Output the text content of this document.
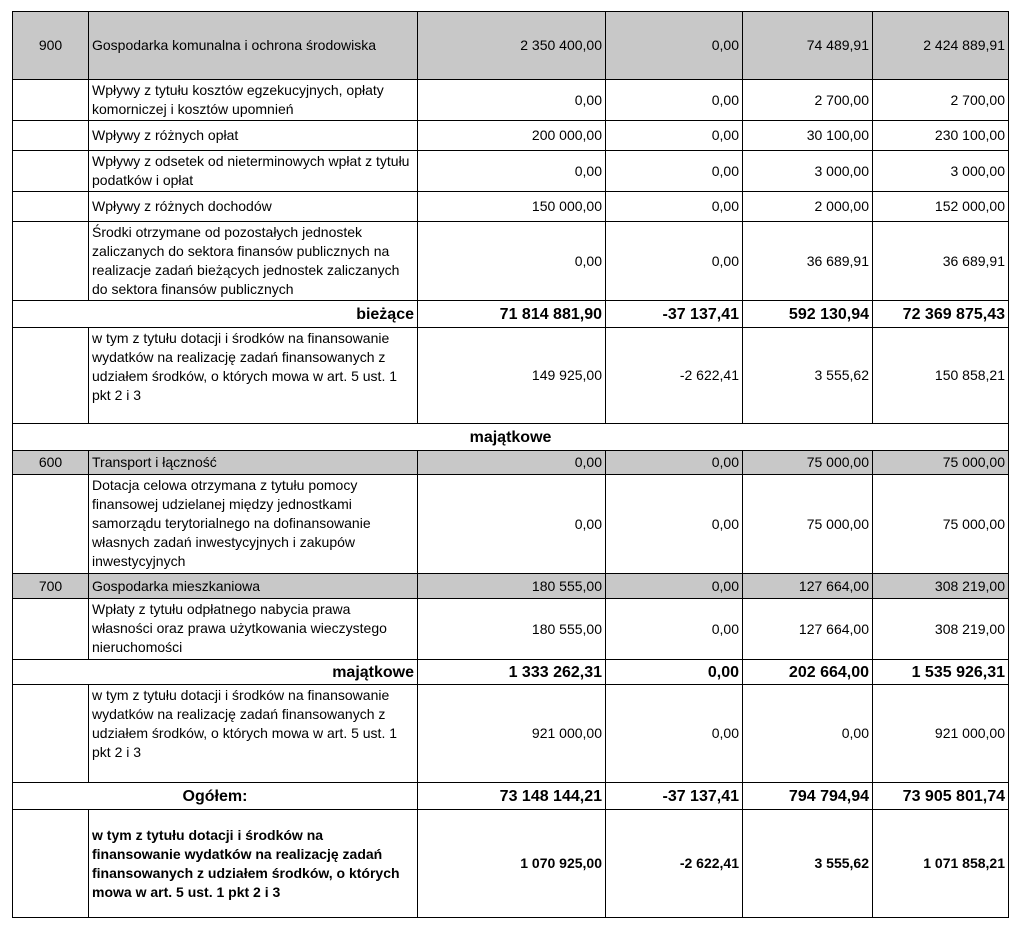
900	Gospodarka komunalna i ochrona środowiska	2 350 400,00	0,00	74 489,91	2 424 889,91
	Wpływy z tytułu kosztów egzekucyjnych, opłaty komorniczej i kosztów upomnień	0,00	0,00	2 700,00	2 700,00
	Wpływy z różnych opłat	200 000,00	0,00	30 100,00	230 100,00
	Wpływy z odsetek od nieterminowych wpłat z tytułu podatków i opłat	0,00	0,00	3 000,00	3 000,00
	Wpływy z różnych dochodów	150 000,00	0,00	2 000,00	152 000,00
	Środki otrzymane od pozostałych jednostek zaliczanych do sektora finansów publicznych na realizacje zadań bieżących jednostek zaliczanych do sektora finansów publicznych	0,00	0,00	36 689,91	36 689,91
bieżące		71 814 881,90	-37 137,41	592 130,94	72 369 875,43
	w tym z tytułu dotacji i środków na finansowanie wydatków na realizację zadań finansowanych z udziałem środków, o których mowa w art. 5 ust. 1 pkt 2 i 3	149 925,00	-2 622,41	3 555,62	150 858,21
majątkowe					
600	Transport i łączność	0,00	0,00	75 000,00	75 000,00
	Dotacja celowa otrzymana z tytułu pomocy finansowej udzielanej między jednostkami samorządu terytorialnego na dofinansowanie własnych zadań inwestycyjnych i zakupów inwestycyjnych	0,00	0,00	75 000,00	75 000,00
700	Gospodarka mieszkaniowa	180 555,00	0,00	127 664,00	308 219,00
	Wpłaty z tytułu odpłatnego nabycia prawa własności oraz prawa użytkowania wieczystego nieruchomości	180 555,00	0,00	127 664,00	308 219,00
majątkowe		1 333 262,31	0,00	202 664,00	1 535 926,31
	w tym z tytułu dotacji i środków na finansowanie wydatków na realizację zadań finansowanych z udziałem środków, o których mowa w art. 5 ust. 1 pkt 2 i 3	921 000,00	0,00	0,00	921 000,00
Ogółem:		73 148 144,21	-37 137,41	794 794,94	73 905 801,74
	w tym z tytułu dotacji i środków na finansowanie wydatków na realizację zadań finansowanych z udziałem środków, o których mowa w art. 5 ust. 1 pkt 2 i 3	1 070 925,00	-2 622,41	3 555,62	1 071 858,21
